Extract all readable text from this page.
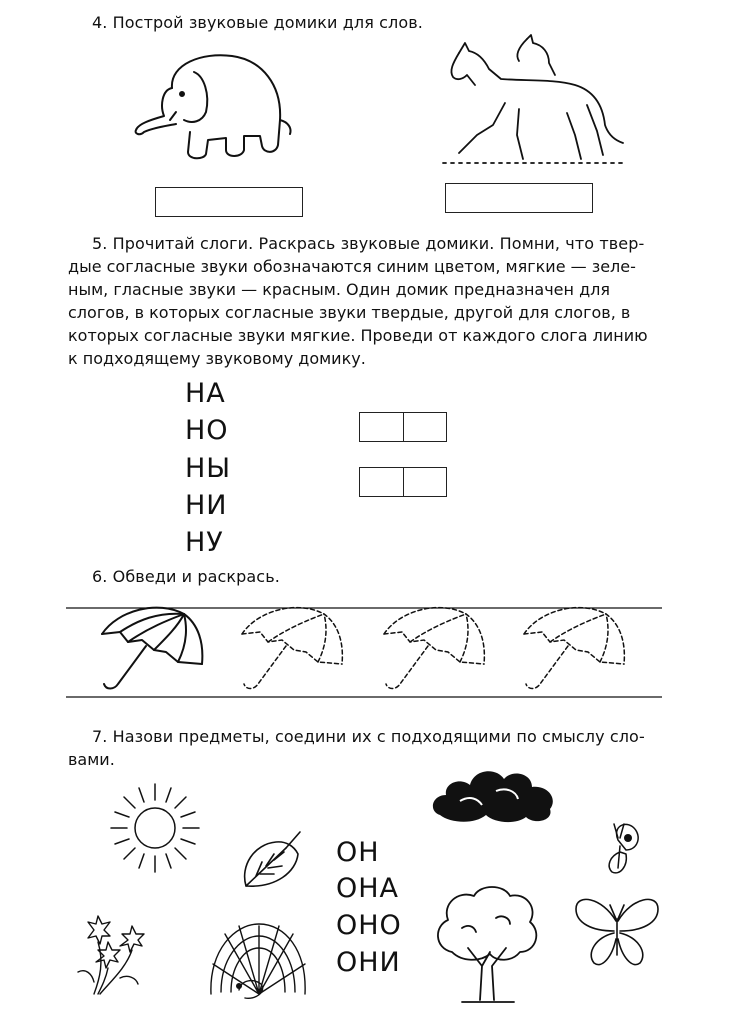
4. Построй звуковые домики для слов.
5. Прочитай слоги. Раскрась звуковые домики. Помни, что твер-
дые согласные звуки обозначаются синим цветом, мягкие — зеле-
ным, гласные звуки — красным. Один домик предназначен для
слогов, в которых согласные звуки твердые, другой для слогов, в
которых согласные звуки мягкие. Проведи от каждого слога линию
к подходящему звуковому домику.
НА
НО
НЫ
НИ
НУ
6. Обведи и раскрась.
7. Назови предметы, соедини их с подходящими по смыслу сло-
вами.
ОН
ОНА
ОНО
ОНИ
